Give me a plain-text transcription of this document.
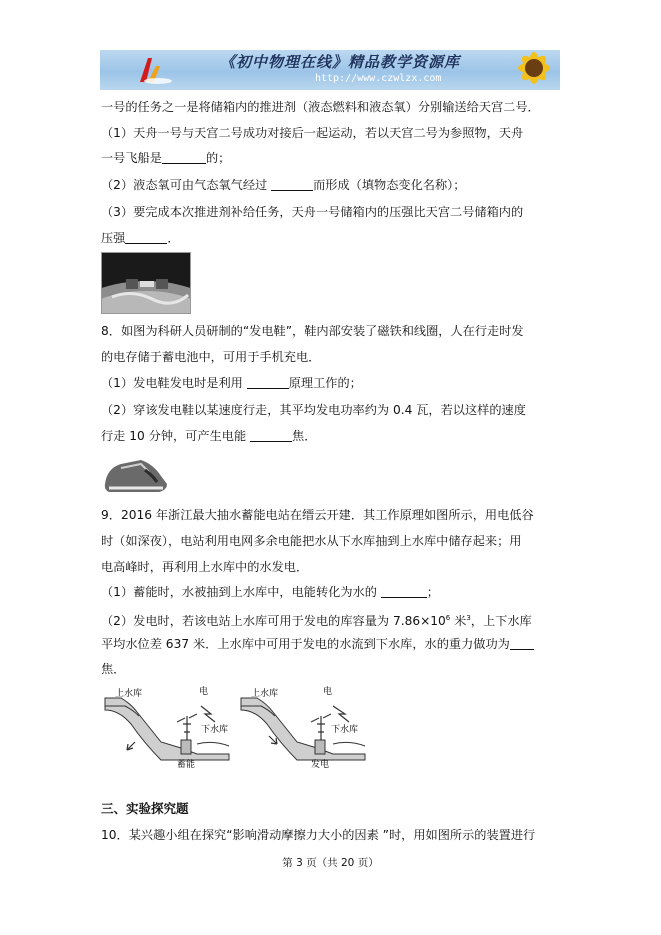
《初中物理在线》精品教学资源库
http://www.czwlzx.com
一号的任务之一是将储箱内的推进剂（液态燃料和液态氧）分别输送给天宫二号．
（1）天舟一号与天宫二号成功对接后一起运动，若以天宫二号为参照物，天舟
一号飞船是	的；
（2）液态氧可由气态氧气经过	而形成（填物态变化名称）；
（3）要完成本次推进剂补给任务，天舟一号储箱内的压强比天宫二号储箱内的
压强	．
8．如图为科研人员研制的“发电鞋”，鞋内部安装了磁铁和线圈，人在行走时发
的电存储于蓄电池中，可用于手机充电．
（1）发电鞋发电时是利用	原理工作的；
（2）穿该发电鞋以某速度行走，其平均发电功率约为 0.4 瓦，若以这样的速度
行走 10 分钟，可产生电能	焦．
9．2016 年浙江最大抽水蓄能电站在缙云开建．其工作原理如图所示，用电低谷
时（如深夜），电站利用电网多余电能把水从下水库抽到上水库中储存起来；用
电高峰时，再利用上水库中的水发电．
（1）蓄能时，水被抽到上水库中，电能转化为水的	；
（2）发电时，若该电站上水库可用于发电的库容量为 $7.86\times 10^6$ 米$^3$，上下水库
平均水位差 637 米．上水库中可用于发电的水流到下水库，水的重力做功为
焦．
上水库	电
下水库
蓄能
上水库	电
下水库
发电
三、实验探究题
10．某兴趣小组在探究“影响滑动摩擦力大小的因素 ”时，用如图所示的装置进行
第 3 页（共 20 页）
